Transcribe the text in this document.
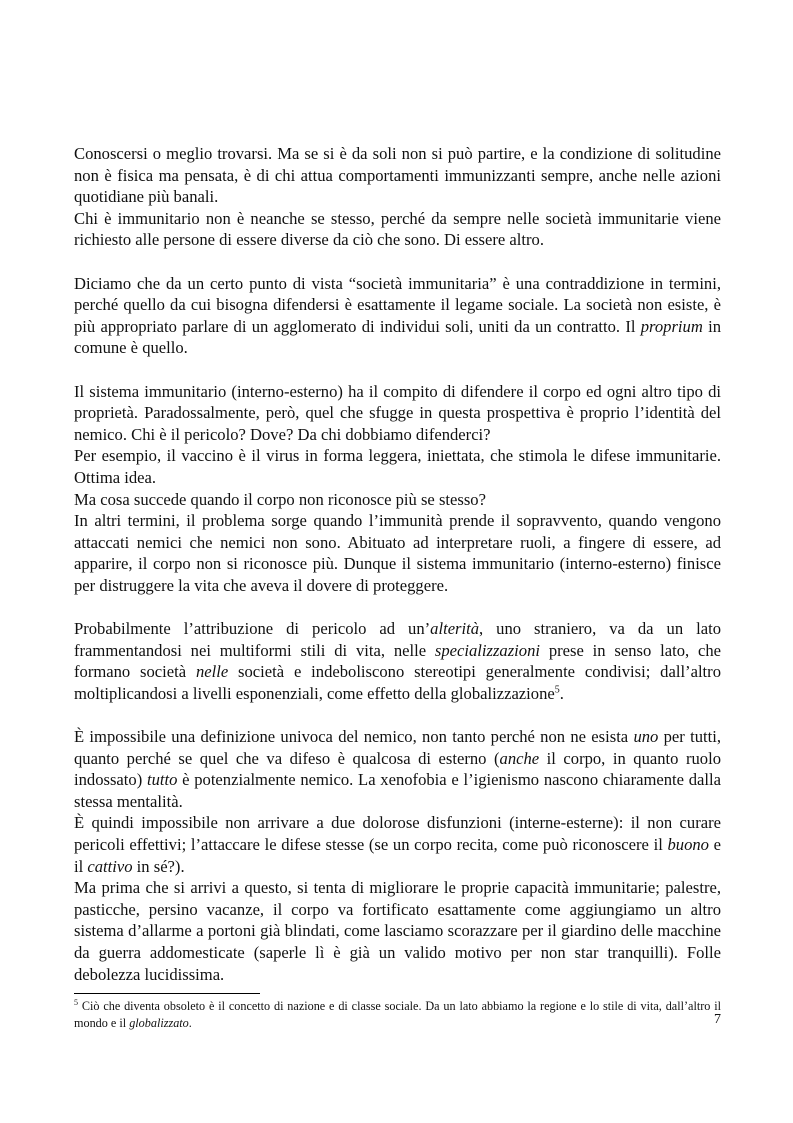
Conoscersi o meglio trovarsi. Ma se si è da soli non si può partire, e la condizione di solitudine non è fisica ma pensata, è di chi attua comportamenti immunizzanti sempre, anche nelle azioni quotidiane più banali.

Chi è immunitario non è neanche se stesso, perché da sempre nelle società immunitarie viene richiesto alle persone di essere diverse da ciò che sono. Di essere altro.

Diciamo che da un certo punto di vista “società immunitaria” è una contraddizione in termini, perché quello da cui bisogna difendersi è esattamente il legame sociale. La società non esiste, è più appropriato parlare di un agglomerato di individui soli, uniti da un contratto. Il proprium in comune è quello.

Il sistema immunitario (interno-esterno) ha il compito di difendere il corpo ed ogni altro tipo di proprietà. Paradossalmente, però, quel che sfugge in questa prospettiva è proprio l’identità del nemico. Chi è il pericolo? Dove? Da chi dobbiamo difenderci?

Per esempio, il vaccino è il virus in forma leggera, iniettata, che stimola le difese immunitarie. Ottima idea.

Ma cosa succede quando il corpo non riconosce più se stesso?

In altri termini, il problema sorge quando l’immunità prende il sopravvento, quando vengono attaccati nemici che nemici non sono. Abituato ad interpretare ruoli, a fingere di essere, ad apparire, il corpo non si riconosce più. Dunque il sistema immunitario (interno-esterno) finisce per distruggere la vita che aveva il dovere di proteggere.

Probabilmente l’attribuzione di pericolo ad un’alterità, uno straniero, va da un lato frammentandosi nei multiformi stili di vita, nelle specializzazioni prese in senso lato, che formano società nelle società e indeboliscono stereotipi generalmente condivisi; dall’altro moltiplicandosi a livelli esponenziali, come effetto della globalizzazione$^5$.

È impossibile una definizione univoca del nemico, non tanto perché non ne esista uno per tutti, quanto perché se quel che va difeso è qualcosa di esterno (anche il corpo, in quanto ruolo indossato) tutto è potenzialmente nemico. La xenofobia e l’igienismo nascono chiaramente dalla stessa mentalità.

È quindi impossibile non arrivare a due dolorose disfunzioni (interne-esterne): il non curare pericoli effettivi; l’attaccare le difese stesse (se un corpo recita, come può riconoscere il buono e il cattivo in sé?).

Ma prima che si arrivi a questo, si tenta di migliorare le proprie capacità immunitarie; palestre, pasticche, persino vacanze, il corpo va fortificato esattamente come aggiungiamo un altro sistema d’allarme a portoni già blindati, come lasciamo scorazzare per il giardino delle macchine da guerra addomesticate (saperle lì è già un valido motivo per non star tranquilli). Folle debolezza lucidissima.

$^5$ Ciò che diventa obsoleto è il concetto di nazione e di classe sociale. Da un lato abbiamo la regione e lo stile di vita, dall’altro il mondo e il globalizzato.	7
